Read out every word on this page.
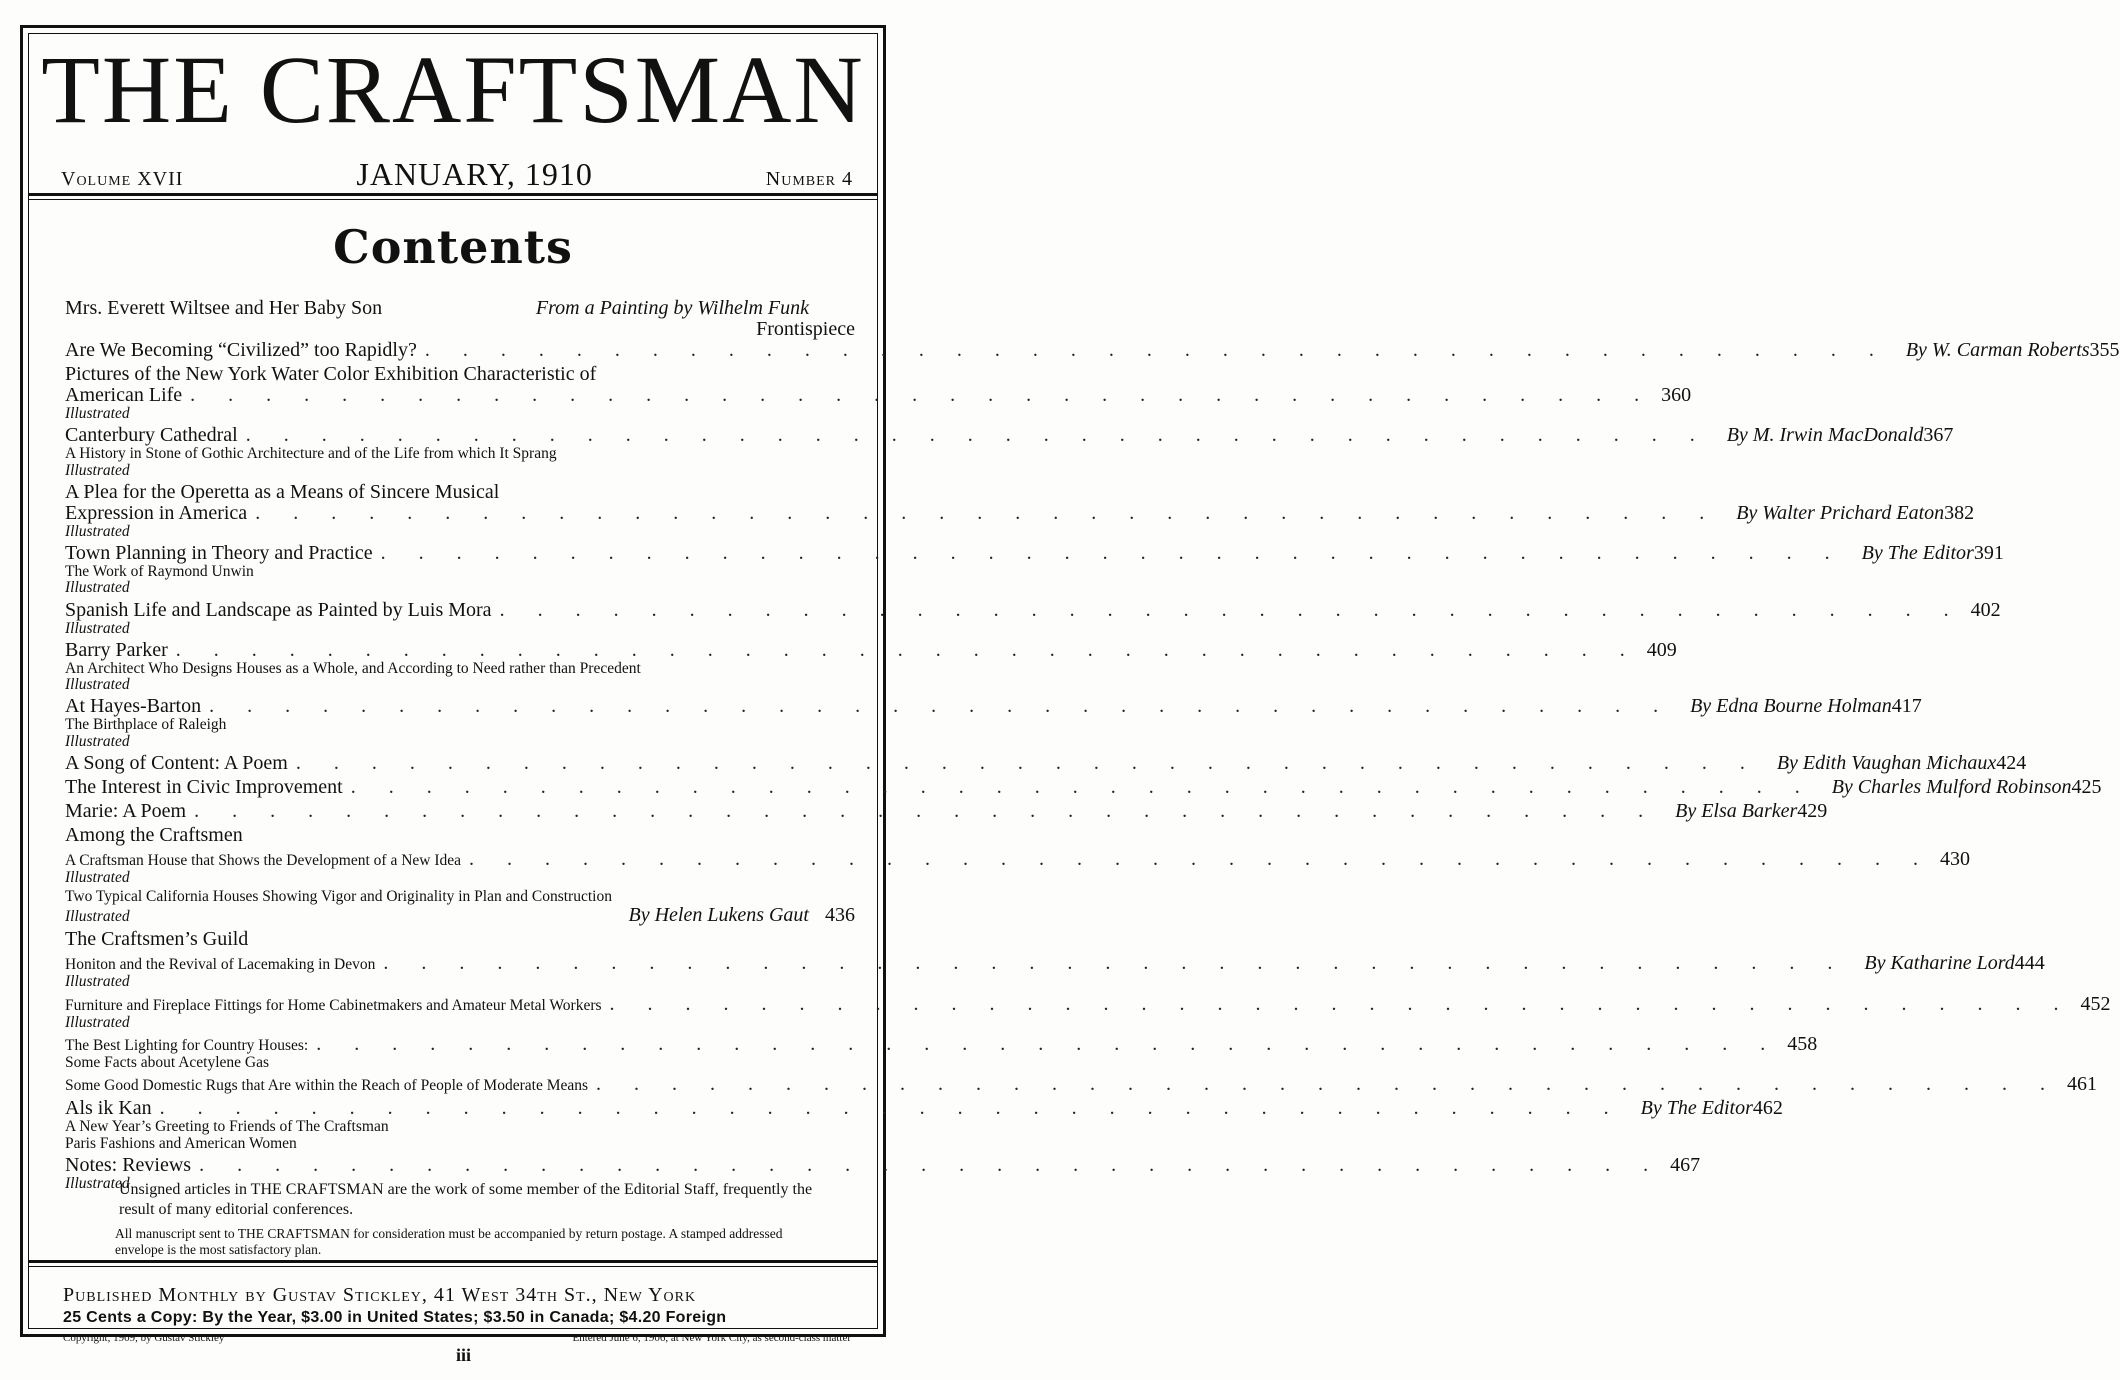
THE CRAFTSMAN
Volume XVII	JANUARY, 1910	Number 4
Contents
Mrs. Everett Wiltsee and Her Baby Son	From a Painting by Wilhelm Funk
Frontispiece
Are We Becoming “Civilized” too Rapidly? . . . . . . . . . . . . . . . . . . . . . . . . . . . . . . . . . . . . . . . By W. Carman Roberts 355
Pictures of the New York Water Color Exhibition Characteristic of
American Life . . . . . . . . . . . . . . . . . . . . . . . . . . . . . . . . . . . . . . . 360
Illustrated
Canterbury Cathedral . . . . . . . . . . . . . . . . . . . . . . . . . . . . . . . . . . . . . . . By M. Irwin MacDonald 367
A History in Stone of Gothic Architecture and of the Life from which It Sprang
Illustrated
A Plea for the Operetta as a Means of Sincere Musical
Expression in America . . . . . . . . . . . . . . . . . . . . . . . . . . . . . . . . . . . . . . . By Walter Prichard Eaton 382
Illustrated
Town Planning in Theory and Practice . . . . . . . . . . . . . . . . . . . . . . . . . . . . . . . . . . . . . . . By The Editor 391
The Work of Raymond Unwin
Illustrated
Spanish Life and Landscape as Painted by Luis Mora . . . . . . . . . . . . . . . . . . . . . . . . . . . . . . . . . . . . . . . 402
Illustrated
Barry Parker . . . . . . . . . . . . . . . . . . . . . . . . . . . . . . . . . . . . . . . 409
An Architect Who Designs Houses as a Whole, and According to Need rather than Precedent
Illustrated
At Hayes-Barton . . . . . . . . . . . . . . . . . . . . . . . . . . . . . . . . . . . . . . . By Edna Bourne Holman 417
The Birthplace of Raleigh
Illustrated
A Song of Content: A Poem . . . . . . . . . . . . . . . . . . . . . . . . . . . . . . . . . . . . . . . By Edith Vaughan Michaux 424
The Interest in Civic Improvement . . . . . . . . . . . . . . . . . . . . . . . . . . . . . . . . . . . . . . . By Charles Mulford Robinson 425
Marie: A Poem . . . . . . . . . . . . . . . . . . . . . . . . . . . . . . . . . . . . . . . By Elsa Barker 429
Among the Craftsmen
A Craftsman House that Shows the Development of a New Idea . . . . . . . . . . . . . . . . . . . . . . . . . . . . . . . . . . . . . . . 430
Illustrated
Two Typical California Houses Showing Vigor and Originality in Plan and Construction
Illustrated	By Helen Lukens Gaut 436
The Craftsmen’s Guild
Honiton and the Revival of Lacemaking in Devon . . . . . . . . . . . . . . . . . . . . . . . . . . . . . . . . . . . . . . . By Katharine Lord 444
Illustrated
Furniture and Fireplace Fittings for Home Cabinetmakers and Amateur Metal Workers . . . . . . . . . . . . . . . . . . . . . . . . . . . . . . . . . . . . . . . 452
Illustrated
The Best Lighting for Country Houses: . . . . . . . . . . . . . . . . . . . . . . . . . . . . . . . . . . . . . . . 458
Some Facts about Acetylene Gas
Some Good Domestic Rugs that Are within the Reach of People of Moderate Means . . . . . . . . . . . . . . . . . . . . . . . . . . . . . . . . . . . . . . . 461
Als ik Kan . . . . . . . . . . . . . . . . . . . . . . . . . . . . . . . . . . . . . . . By The Editor 462
A New Year’s Greeting to Friends of The Craftsman
Paris Fashions and American Women
Notes: Reviews . . . . . . . . . . . . . . . . . . . . . . . . . . . . . . . . . . . . . . . 467
Illustrated
Unsigned articles in THE CRAFTSMAN are the work of some member of the Editorial Staff, frequently the result of many editorial conferences.
All manuscript sent to THE CRAFTSMAN for consideration must be accompanied by return postage. A stamped addressed envelope is the most satisfactory plan.
Published Monthly by Gustav Stickley, 41 West 34th St., New York
25 Cents a Copy: By the Year, $3.00 in United States; $3.50 in Canada; $4.20 Foreign
Copyright, 1909, by Gustav Stickley	Entered June 6, 1906, at New York City, as second-class matter
iii
